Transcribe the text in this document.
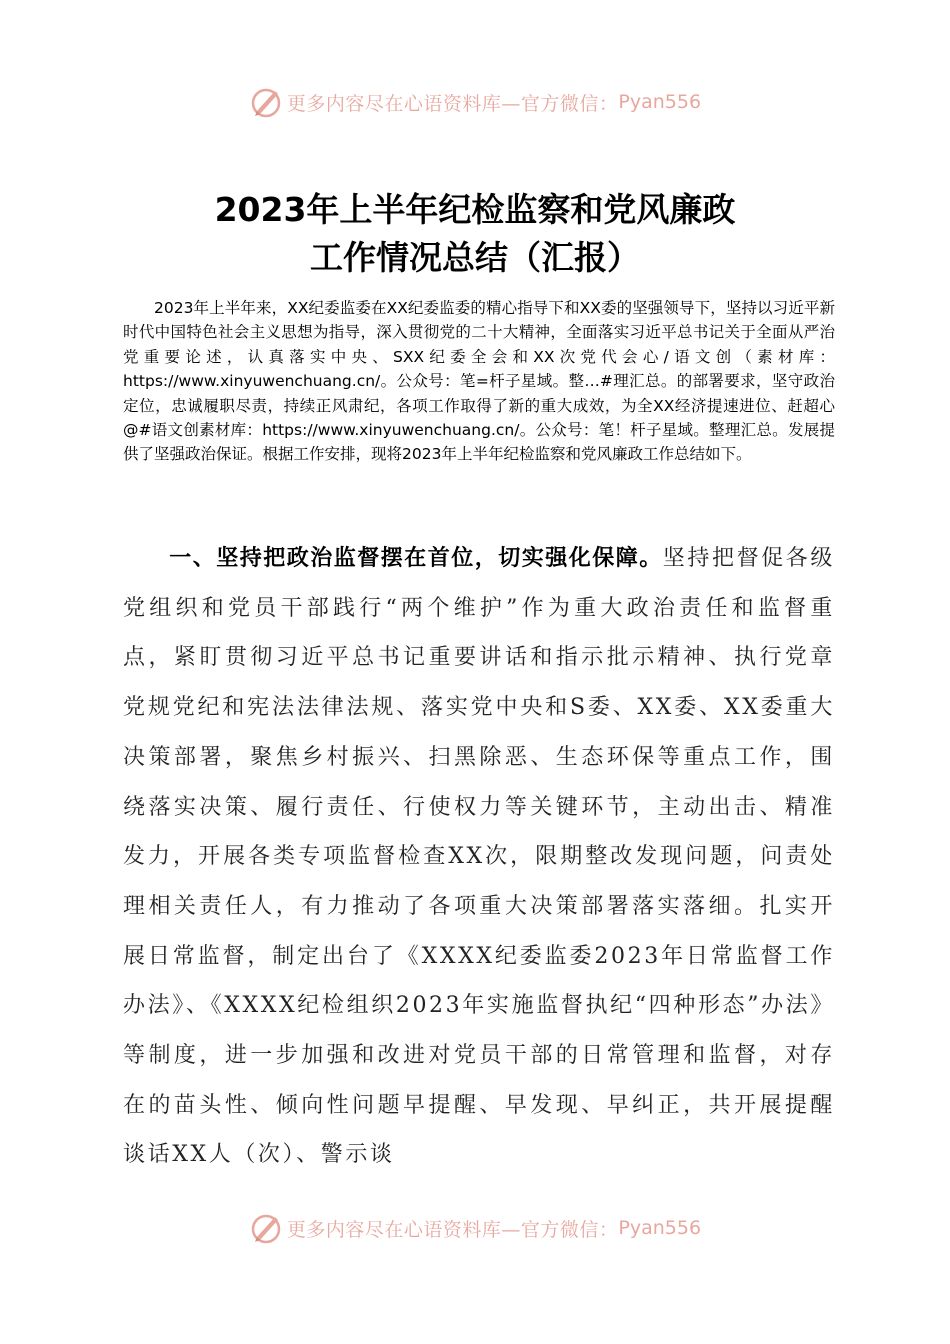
更多内容尽在心语资料库—官方微信： Pyan556
2023年上半年纪检监察和党风廉政
工作情况总结（汇报）

2023年上半年来，XX纪委监委在XX纪委监委的精心指导下和XX委的坚强领导下，坚持以习近平新时代中国特色社会主义思想为指导，深入贯彻党的二十大精神，全面落实习近平总书记关于全面从严治党重要论述，认真落实中央、SXX纪委全会和XX次党代会心/语文创（素材库：https://www.xinyuwenchuang.cn/。公众号：笔=杆子星域。整…#理汇总。的部署要求，坚守政治定位，忠诚履职尽责，持续正风肃纪，各项工作取得了新的重大成效，为全XX经济提速进位、赶超心@#语文创素材库：https://www.xinyuwenchuang.cn/。公众号：笔！杆子星域。整理汇总。发展提供了坚强政治保证。根据工作安排，现将2023年上半年纪检监察和党风廉政工作总结如下。

一、坚持把政治监督摆在首位，切实强化保障。坚持把督促各级党组织和党员干部践行“两个维护”作为重大政治责任和监督重点，紧盯贯彻习近平总书记重要讲话和指示批示精神、执行党章党规党纪和宪法法律法规、落实党中央和S委、XX委、XX委重大决策部署，聚焦乡村振兴、扫黑除恶、生态环保等重点工作，围绕落实决策、履行责任、行使权力等关键环节，主动出击、精准发力，开展各类专项监督检查XX次，限期整改发现问题，问责处理相关责任人，有力推动了各项重大决策部署落实落细。扎实开展日常监督，制定出台了《XXXX纪委监委2023年日常监督工作办法》、《XXXX纪检组织2023年实施监督执纪“四种形态”办法》等制度，进一步加强和改进对党员干部的日常管理和监督，对存在的苗头性、倾向性问题早提醒、早发现、早纠正，共开展提醒谈话XX人（次）、警示谈

更多内容尽在心语资料库—官方微信： Pyan556
